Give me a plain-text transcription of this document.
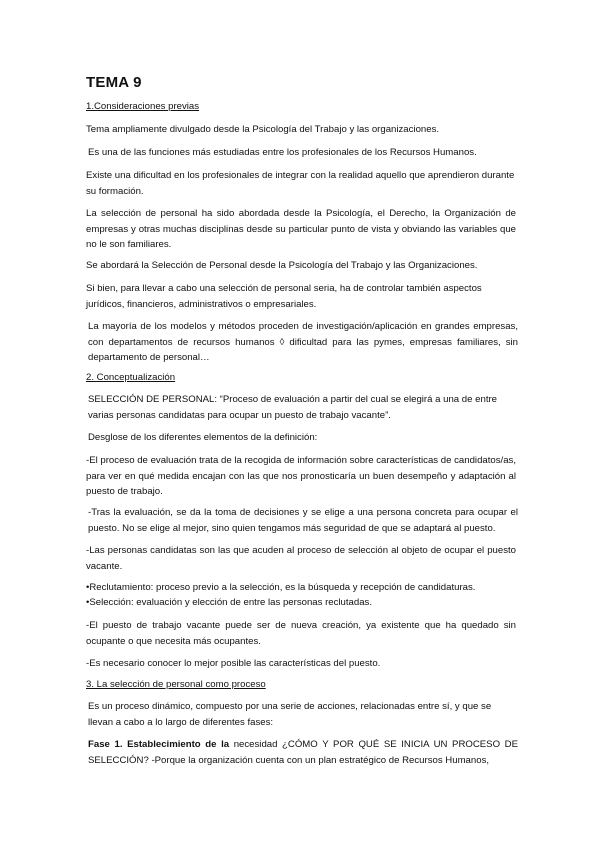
TEMA 9
1.Consideraciones previas
Tema ampliamente divulgado desde la Psicología del Trabajo y las organizaciones.
Es una de las funciones más estudiadas entre los profesionales de los Recursos Humanos.
Existe una dificultad en los profesionales de integrar con la realidad aquello que aprendieron durante su formación.
La selección de personal ha sido abordada desde la Psicología, el Derecho, la Organización de empresas y otras muchas disciplinas desde su particular punto de vista y obviando las variables que no le son familiares.
Se abordará la Selección de Personal desde la Psicología del Trabajo y las Organizaciones.
Si bien, para llevar a cabo una selección de personal seria, ha de controlar también aspectos jurídicos, financieros, administrativos o empresariales.
La mayoría de los modelos y métodos proceden de investigación/aplicación en grandes empresas, con departamentos de recursos humanos ◊ dificultad para las pymes, empresas familiares, sin departamento de personal…
2. Conceptualización
SELECCIÓN DE PERSONAL: “Proceso de evaluación a partir del cual se elegirá a una de entre varias personas candidatas para ocupar un puesto de trabajo vacante”.
Desglose de los diferentes elementos de la definición:
-El proceso de evaluación trata de la recogida de información sobre características de candidatos/as, para ver en qué medida encajan con las que nos pronosticaría un buen desempeño y adaptación al puesto de trabajo.
-Tras la evaluación, se da la toma de decisiones y se elige a una persona concreta para ocupar el puesto. No se elige al mejor, sino quien tengamos más seguridad de que se adaptará al puesto.
-Las personas candidatas son las que acuden al proceso de selección al objeto de ocupar el puesto vacante.
•Reclutamiento: proceso previo a la selección, es la búsqueda y recepción de candidaturas.
•Selección: evaluación y elección de entre las personas reclutadas.
-El puesto de trabajo vacante puede ser de nueva creación, ya existente que ha quedado sin ocupante o que necesita más ocupantes.
-Es necesario conocer lo mejor posible las características del puesto.
3. La selección de personal como proceso
Es un proceso dinámico, compuesto por una serie de acciones, relacionadas entre sí, y que se llevan a cabo a lo largo de diferentes fases:
Fase 1. Establecimiento de la necesidad ¿CÓMO Y POR QUÉ SE INICIA UN PROCESO DE SELECCIÓN? -Porque la organización cuenta con un plan estratégico de Recursos Humanos,
